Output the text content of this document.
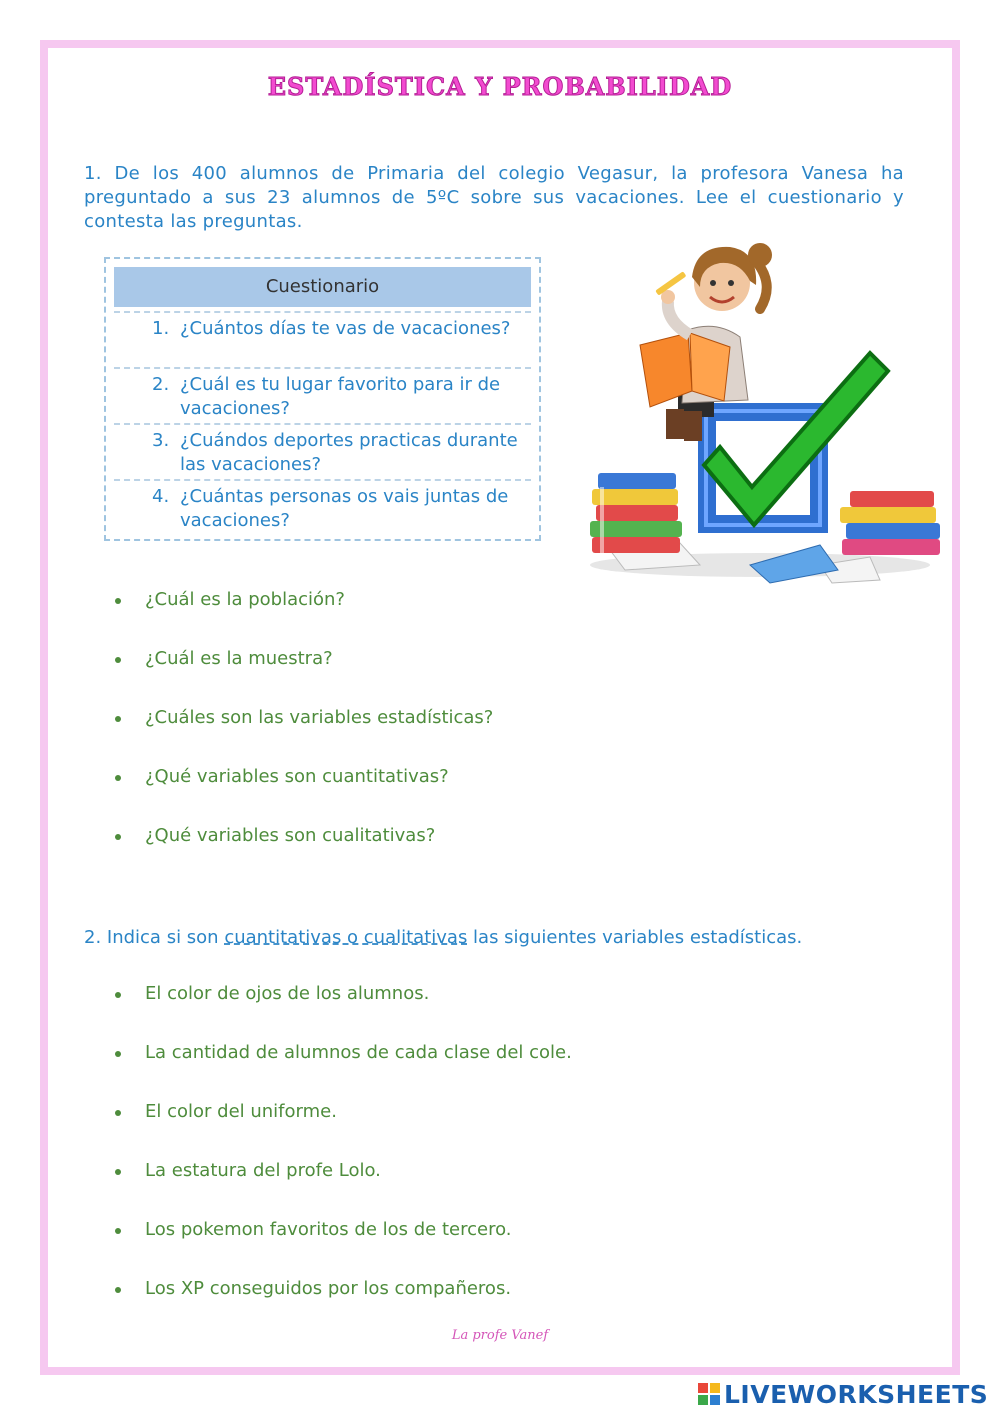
ESTADÍSTICA Y PROBABILIDAD
1. De los 400 alumnos de Primaria del colegio Vegasur, la profesora Vanesa ha preguntado a sus 23 alumnos de 5ºC sobre sus vacaciones. Lee el cuestionario y contesta las preguntas.
Cuestionario
1. ¿Cuántos días te vas de vacaciones?
2. ¿Cuál es tu lugar favorito para ir de vacaciones?
3. ¿Cuándos deportes practicas durante las vacaciones?
4. ¿Cuántas personas os vais juntas de vacaciones?
¿Cuál es la población?
¿Cuál es la muestra?
¿Cuáles son las variables estadísticas?
¿Qué variables son cuantitativas?
¿Qué variables son cualitativas?
2. Indica si son cuantitativas o cualitativas las siguientes variables estadísticas.
El color de ojos de los alumnos.
La cantidad de alumnos de cada clase del cole.
El color del uniforme.
La estatura del profe Lolo.
Los pokemon favoritos de los de tercero.
Los XP conseguidos por los compañeros.
La profe Vanef
LIVEWORKSHEETS
